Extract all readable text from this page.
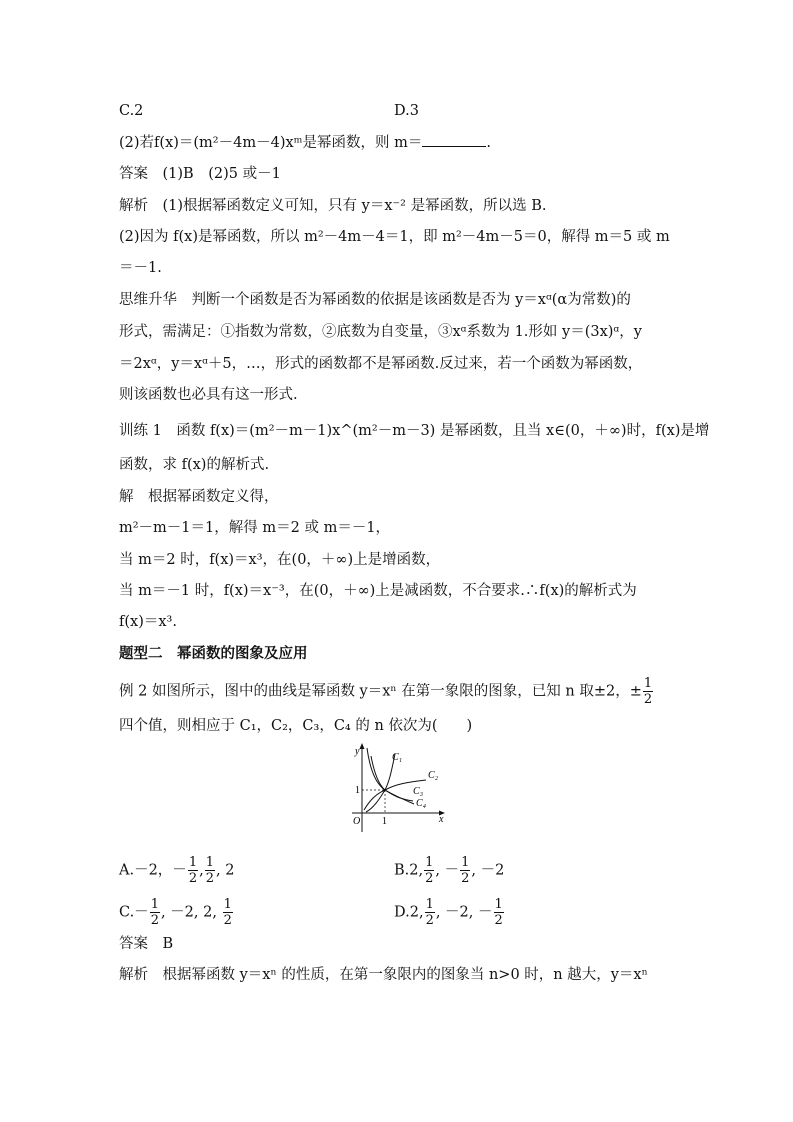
C.2	D.3
(2)若f(x)＝(m²－4m－4)xᵐ是幂函数，则 m＝	.
答案　(1)B　(2)5 或－1
解析　(1)根据幂函数定义可知，只有 y＝x⁻² 是幂函数，所以选 B.
(2)因为 f(x)是幂函数，所以 m²－4m－4＝1，即 m²－4m－5＝0，解得 m＝5 或 m
＝－1.
思维升华　判断一个函数是否为幂函数的依据是该函数是否为 y＝xᵅ(α为常数)的
形式，需满足：①指数为常数，②底数为自变量，③xᵅ系数为 1.形如 y＝(3x)ᵅ，y
＝2xᵅ，y＝xᵅ＋5，…，形式的函数都不是幂函数.反过来，若一个函数为幂函数，
则该函数也必具有这一形式.
训练 1　函数 f(x)＝(m²－m－1)x^(m²－m－3) 是幂函数，且当 x∈(0，＋∞)时，f(x)是增
函数，求 f(x)的解析式.
解　根据幂函数定义得，
m²－m－1＝1，解得 m＝2 或 m＝－1，
当 m＝2 时，f(x)＝x³，在(0，＋∞)上是增函数，
当 m＝－1 时，f(x)＝x⁻³，在(0，＋∞)上是减函数，不合要求.∴f(x)的解析式为
f(x)＝x³.
题型二　幂函数的图象及应用
例 2 如图所示，图中的曲线是幂函数 y＝xⁿ 在第一象限的图象，已知 n 取±2，± $\frac{1}{2}$
四个值，则相应于 C₁，C₂，C₃，C₄ 的 n 依次为(　　)
y
x
O 1
1
C₁
C₂
C₃
C₄
A.－2，－ $\frac{1}{2}$ , $\frac{1}{2}$ , 2	B.2, $\frac{1}{2}$ , － $\frac{1}{2}$ , －2
$C.- \frac{1}{2}$ , －2, 2, $\frac{1}{2}$	D.2, $\frac{1}{2}$ , －2, － $\frac{1}{2}$
答案　B
解析　根据幂函数 y＝xⁿ 的性质，在第一象限内的图象当 n>0 时，n 越大，y＝xⁿ
